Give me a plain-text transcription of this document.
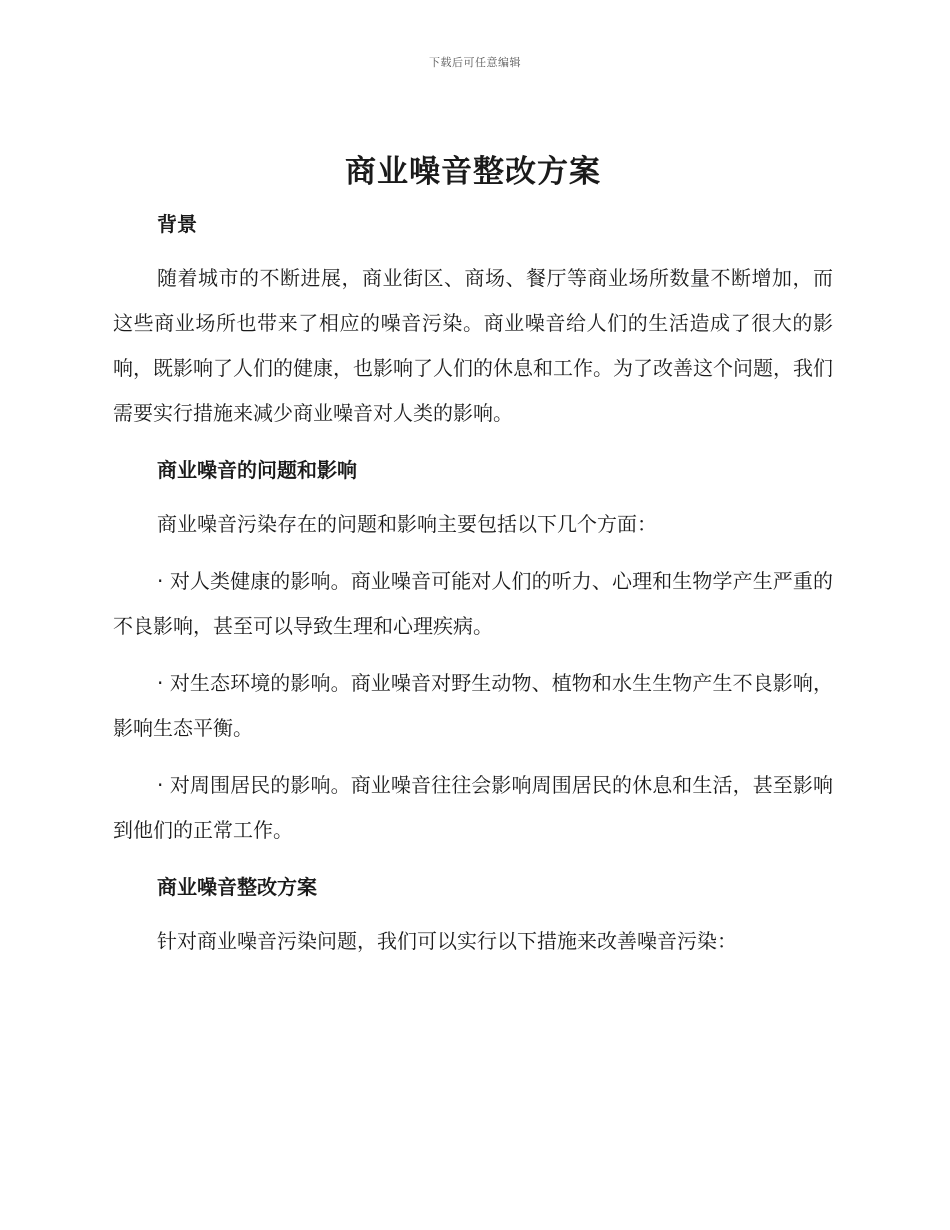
下载后可任意编辑
商业噪音整改方案
背景

随着城市的不断进展，商业街区、商场、餐厅等商业场所数量不断增加，而这些商业场所也带来了相应的噪音污染。商业噪音给人们的生活造成了很大的影响，既影响了人们的健康，也影响了人们的休息和工作。为了改善这个问题，我们需要实行措施来减少商业噪音对人类的影响。

商业噪音的问题和影响

商业噪音污染存在的问题和影响主要包括以下几个方面：

· 对人类健康的影响。商业噪音可能对人们的听力、心理和生物学产生严重的不良影响，甚至可以导致生理和心理疾病。

· 对生态环境的影响。商业噪音对野生动物、植物和水生生物产生不良影响，影响生态平衡。

· 对周围居民的影响。商业噪音往往会影响周围居民的休息和生活，甚至影响到他们的正常工作。

商业噪音整改方案

针对商业噪音污染问题，我们可以实行以下措施来改善噪音污染：
